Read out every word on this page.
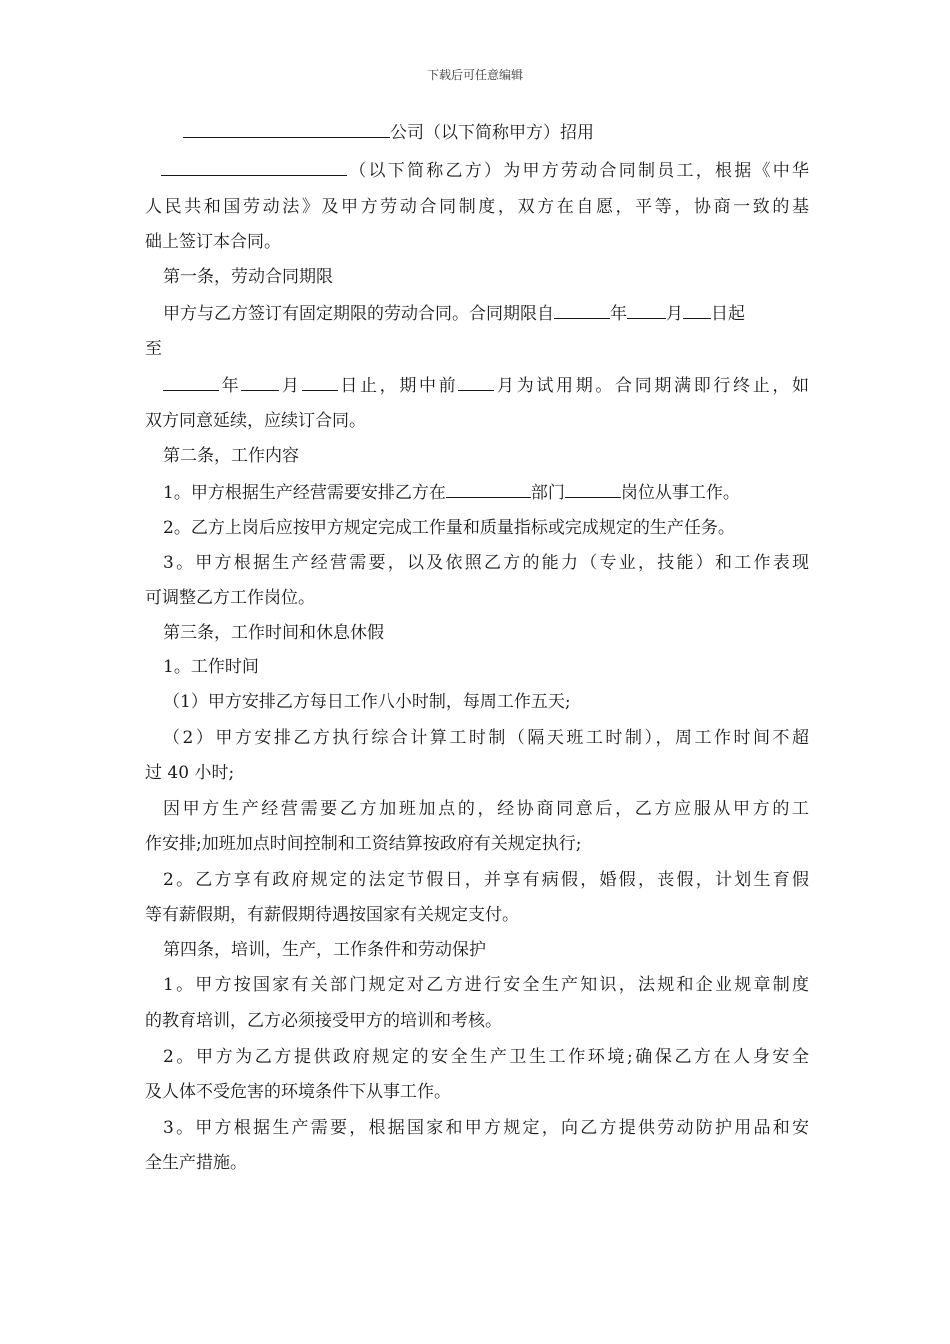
下载后可任意编辑
公司（以下简称甲方）招用
（以下简称乙方）为甲方劳动合同制员工，根据《中华
人民共和国劳动法》及甲方劳动合同制度，双方在自愿，平等，协商一致的基
础上签订本合同。
第一条，劳动合同期限
甲方与乙方签订有固定期限的劳动合同。合同期限自	年 月 日起
至
年 月 日止，期中前 月为试用期。合同期满即行终止，如
双方同意延续，应续订合同。
第二条，工作内容
1。甲方根据生产经营需要安排乙方在	部门	岗位从事工作。
2。乙方上岗后应按甲方规定完成工作量和质量指标或完成规定的生产任务。
3。甲方根据生产经营需要，以及依照乙方的能力（专业，技能）和工作表现
可调整乙方工作岗位。
第三条，工作时间和休息休假
1。工作时间
（1）甲方安排乙方每日工作八小时制，每周工作五天;
（2）甲方安排乙方执行综合计算工时制（隔天班工时制），周工作时间不超
过 40 小时;
因甲方生产经营需要乙方加班加点的，经协商同意后，乙方应服从甲方的工
作安排;加班加点时间控制和工资结算按政府有关规定执行;
2。乙方享有政府规定的法定节假日，并享有病假，婚假，丧假，计划生育假
等有薪假期，有薪假期待遇按国家有关规定支付。
第四条，培训，生产，工作条件和劳动保护
1。甲方按国家有关部门规定对乙方进行安全生产知识，法规和企业规章制度
的教育培训，乙方必须接受甲方的培训和考核。
2。甲方为乙方提供政府规定的安全生产卫生工作环境;确保乙方在人身安全
及人体不受危害的环境条件下从事工作。
3。甲方根据生产需要，根据国家和甲方规定，向乙方提供劳动防护用品和安
全生产措施。
